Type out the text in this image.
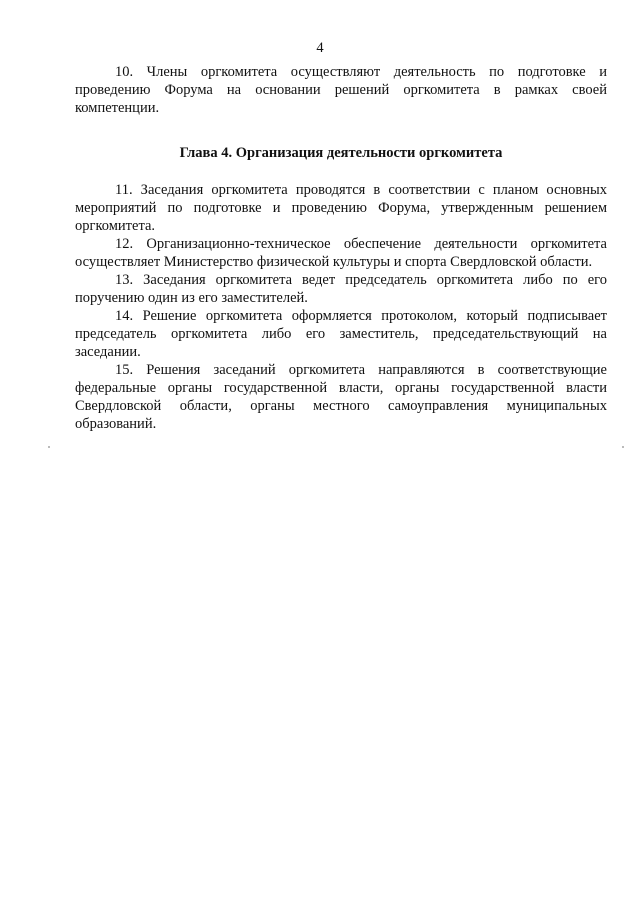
4

10. Члены оргкомитета осуществляют деятельность по подготовке и проведению Форума на основании решений оргкомитета в рамках своей компетенции.

Глава 4. Организация деятельности оргкомитета

11. Заседания оргкомитета проводятся в соответствии с планом основных мероприятий по подготовке и проведению Форума, утвержденным решением оргкомитета.

12. Организационно-техническое обеспечение деятельности оргкомитета осуществляет Министерство физической культуры и спорта Свердловской области.

13. Заседания оргкомитета ведет председатель оргкомитета либо по его поручению один из его заместителей.

14. Решение оргкомитета оформляется протоколом, который подписывает председатель оргкомитета либо его заместитель, председательствующий на заседании.

15. Решения заседаний оргкомитета направляются в соответствующие федеральные органы государственной власти, органы государственной власти Свердловской области, органы местного самоуправления муниципальных образований.
